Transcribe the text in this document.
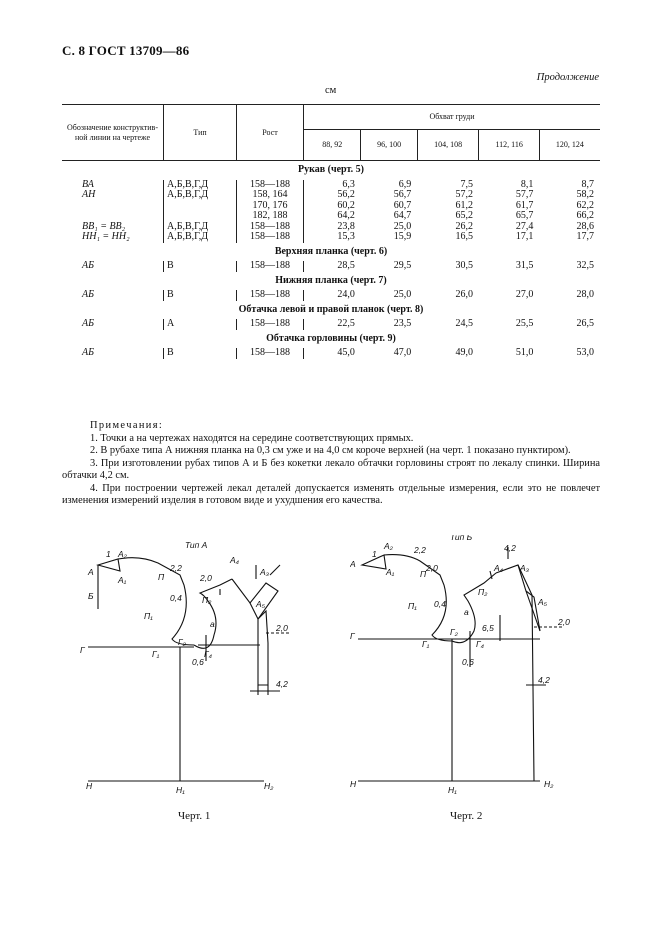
С. 8 ГОСТ 13709—86
Продолжение
см
Обозначение конструктив-ной линии на чертеже	Тип	Рост	Обхват груди				
			88, 92	96, 100	104, 108	112, 116	120, 124
Рукав (черт. 5)							
ВА	А,Б,В,Г,Д	158—188	6,3	6,9	7,5	8,1	8,7
АН	А,Б,В,Г,Д	158, 164	56,2	56,7	57,2	57,7	58,2
		170, 176	60,2	60,7	61,2	61,7	62,2
		182, 188	64,2	64,7	65,2	65,7	66,2
ВВ₁ = ВВ₂	А,Б,В,Г,Д	158—188	23,8	25,0	26,2	27,4	28,6
НН₁ = НН₂	А,Б,В,Г,Д	158—188	15,3	15,9	16,5	17,1	17,7
Верхняя планка (черт. 6)							
АБ	В	158—188	28,5	29,5	30,5	31,5	32,5
Нижняя планка (черт. 7)							
АБ	В	158—188	24,0	25,0	26,0	27,0	28,0
Обтачка левой и правой планок (черт. 8)							
АБ	А	158—188	22,5	23,5	24,5	25,5	26,5
Обтачка горловины (черт. 9)							
АБ	В	158—188	45,0	47,0	49,0	51,0	53,0

Примечания:

1. Точки а на чертежах находятся на середине соответствующих прямых.

2. В рубахе типа А нижняя планка на 0,3 см уже и на 4,0 см короче верхней (на черт. 1 показано пунктиром).

3. При изготовлении рубах типов А и Б без кокетки лекало обтачки горловины строят по лекалу спинки. Ширина обтачки 4,2 см.

4. При построении чертежей лекал деталей допускается изменять отдельные измерения, если это не повлечет изменения измерений изделия в готовом виде и ухудшения его качества.

Тип А
А₂
1
А
А₁
Б
П
2,2
2,0
0,4
П₁
П₂
а
Г₂
Г	Г₁	Г₄
А₄
А₃
А₅
2,0
0,6
4,2
Н	Н₁	Н₂
Черт. 1
Тип Б
А₂
1
А
А₁
2,2
П
2,0
4,2
П₁ 0,4
П₂
а
А₄ А₃
А₅
6,5
2,0
Г₂
Г
Г₁	Г₄
0,6
4,2
Н
Н₁
Н₂
Черт. 2
